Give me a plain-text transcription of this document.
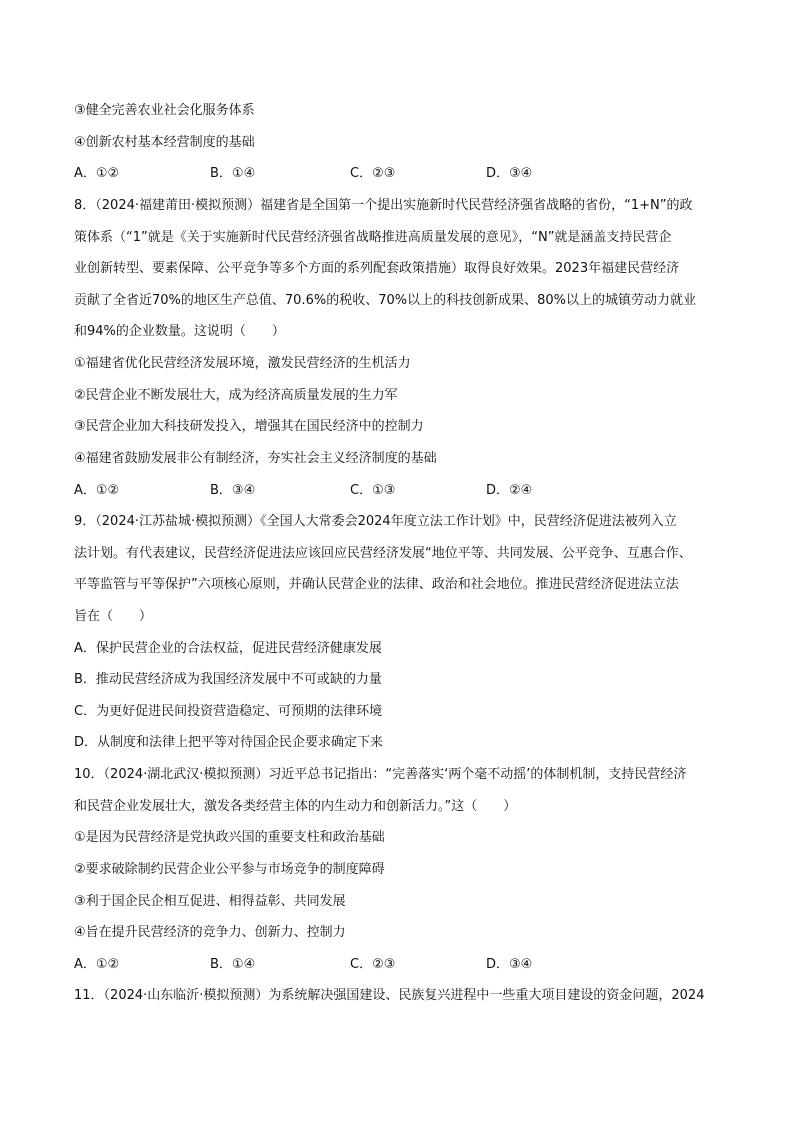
③健全完善农业社会化服务体系
④创新农村基本经营制度的基础
A．①②	B．①④	C．②③	D．③④
8．（2024·福建莆田·模拟预测）福建省是全国第一个提出实施新时代民营经济强省战略的省份，“1+N”的政
策体系（“1”就是《关于实施新时代民营经济强省战略推进高质量发展的意见》，“N”就是涵盖支持民营企
业创新转型、要素保障、公平竞争等多个方面的系列配套政策措施）取得良好效果。2023年福建民营经济
贡献了全省近70%的地区生产总值、70.6%的税收、70%以上的科技创新成果、80%以上的城镇劳动力就业
和94%的企业数量。这说明（　　）
①福建省优化民营经济发展环境，激发民营经济的生机活力
②民营企业不断发展壮大，成为经济高质量发展的生力军
③民营企业加大科技研发投入，增强其在国民经济中的控制力
④福建省鼓励发展非公有制经济，夯实社会主义经济制度的基础
A．①②	B．③④	C．①③	D．②④
9．（2024·江苏盐城·模拟预测）《全国人大常委会2024年度立法工作计划》中，民营经济促进法被列入立
法计划。有代表建议，民营经济促进法应该回应民营经济发展“地位平等、共同发展、公平竞争、互惠合作、
平等监管与平等保护”六项核心原则，并确认民营企业的法律、政治和社会地位。推进民营经济促进法立法
旨在（　　）
A．保护民营企业的合法权益，促进民营经济健康发展
B．推动民营经济成为我国经济发展中不可或缺的力量
C．为更好促进民间投资营造稳定、可预期的法律环境
D．从制度和法律上把平等对待国企民企要求确定下来
10．（2024·湖北武汉·模拟预测）习近平总书记指出：“完善落实‘两个毫不动摇’的体制机制，支持民营经济
和民营企业发展壮大，激发各类经营主体的内生动力和创新活力。”这（　　）
①是因为民营经济是党执政兴国的重要支柱和政治基础
②要求破除制约民营企业公平参与市场竞争的制度障碍
③利于国企民企相互促进、相得益彰、共同发展
④旨在提升民营经济的竞争力、创新力、控制力
A．①②	B．①④	C．②③	D．③④
11．（2024·山东临沂·模拟预测）为系统解决强国建设、民族复兴进程中一些重大项目建设的资金问题，2024
